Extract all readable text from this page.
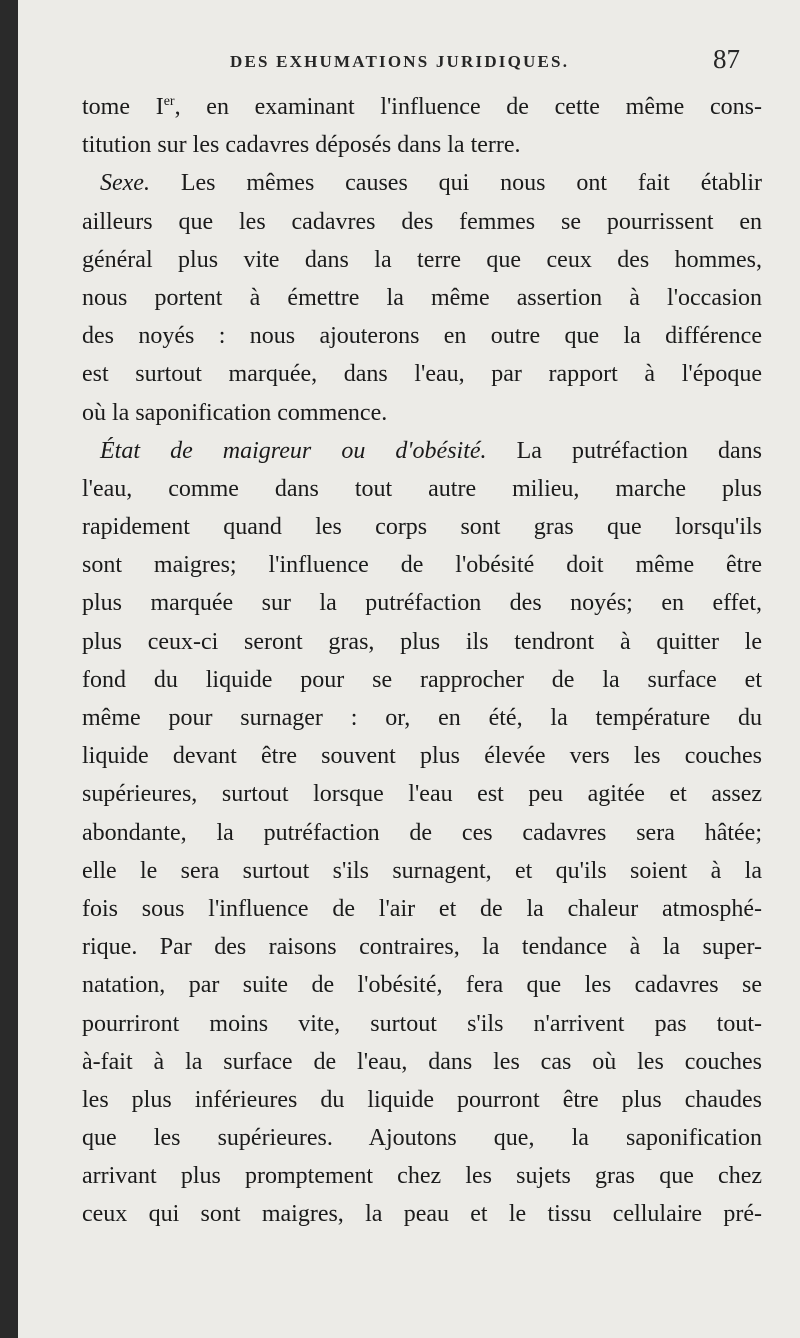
DES EXHUMATIONS JURIDIQUES.	87
tome Ier, en examinant l'influence de cette même cons-
titution sur les cadavres déposés dans la terre.
Sexe. Les mêmes causes qui nous ont fait établir
ailleurs que les cadavres des femmes se pourrissent en
général plus vite dans la terre que ceux des hommes,
nous portent à émettre la même assertion à l'occasion
des noyés : nous ajouterons en outre que la différence
est surtout marquée, dans l'eau, par rapport à l'époque
où la saponification commence.
État de maigreur ou d'obésité. La putréfaction dans
l'eau, comme dans tout autre milieu, marche plus
rapidement quand les corps sont gras que lorsqu'ils
sont maigres; l'influence de l'obésité doit même être
plus marquée sur la putréfaction des noyés; en effet,
plus ceux-ci seront gras, plus ils tendront à quitter le
fond du liquide pour se rapprocher de la surface et
même pour surnager : or, en été, la température du
liquide devant être souvent plus élevée vers les couches
supérieures, surtout lorsque l'eau est peu agitée et assez
abondante, la putréfaction de ces cadavres sera hâtée;
elle le sera surtout s'ils surnagent, et qu'ils soient à la
fois sous l'influence de l'air et de la chaleur atmosphé-
rique. Par des raisons contraires, la tendance à la super-
natation, par suite de l'obésité, fera que les cadavres se
pourriront moins vite, surtout s'ils n'arrivent pas tout-
à-fait à la surface de l'eau, dans les cas où les couches
les plus inférieures du liquide pourront être plus chaudes
que les supérieures. Ajoutons que, la saponification
arrivant plus promptement chez les sujets gras que chez
ceux qui sont maigres, la peau et le tissu cellulaire pré-
